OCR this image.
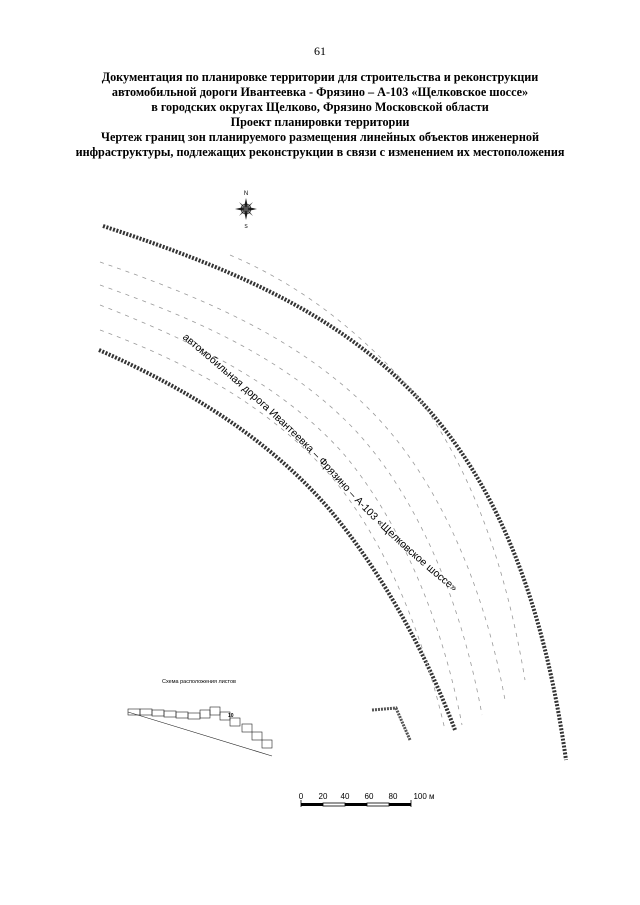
61
Документация по планировке территории для строительства и реконструкции
автомобильной дороги Ивантеевка - Фрязино – А-103 «Щелковское шоссе»
в городских округах Щелково, Фрязино Московской области
Проект планировки территории
Чертеж границ зон планируемого размещения линейных объектов инженерной
инфраструктуры, подлежащих реконструкции в связи с изменением их местоположения
N
S
автомобильная дорога Ивантеевка – Фрязино – А-103 «Щелковское шоссе»
Схема расположения листов
10
0 20 40 60 80 100 м
